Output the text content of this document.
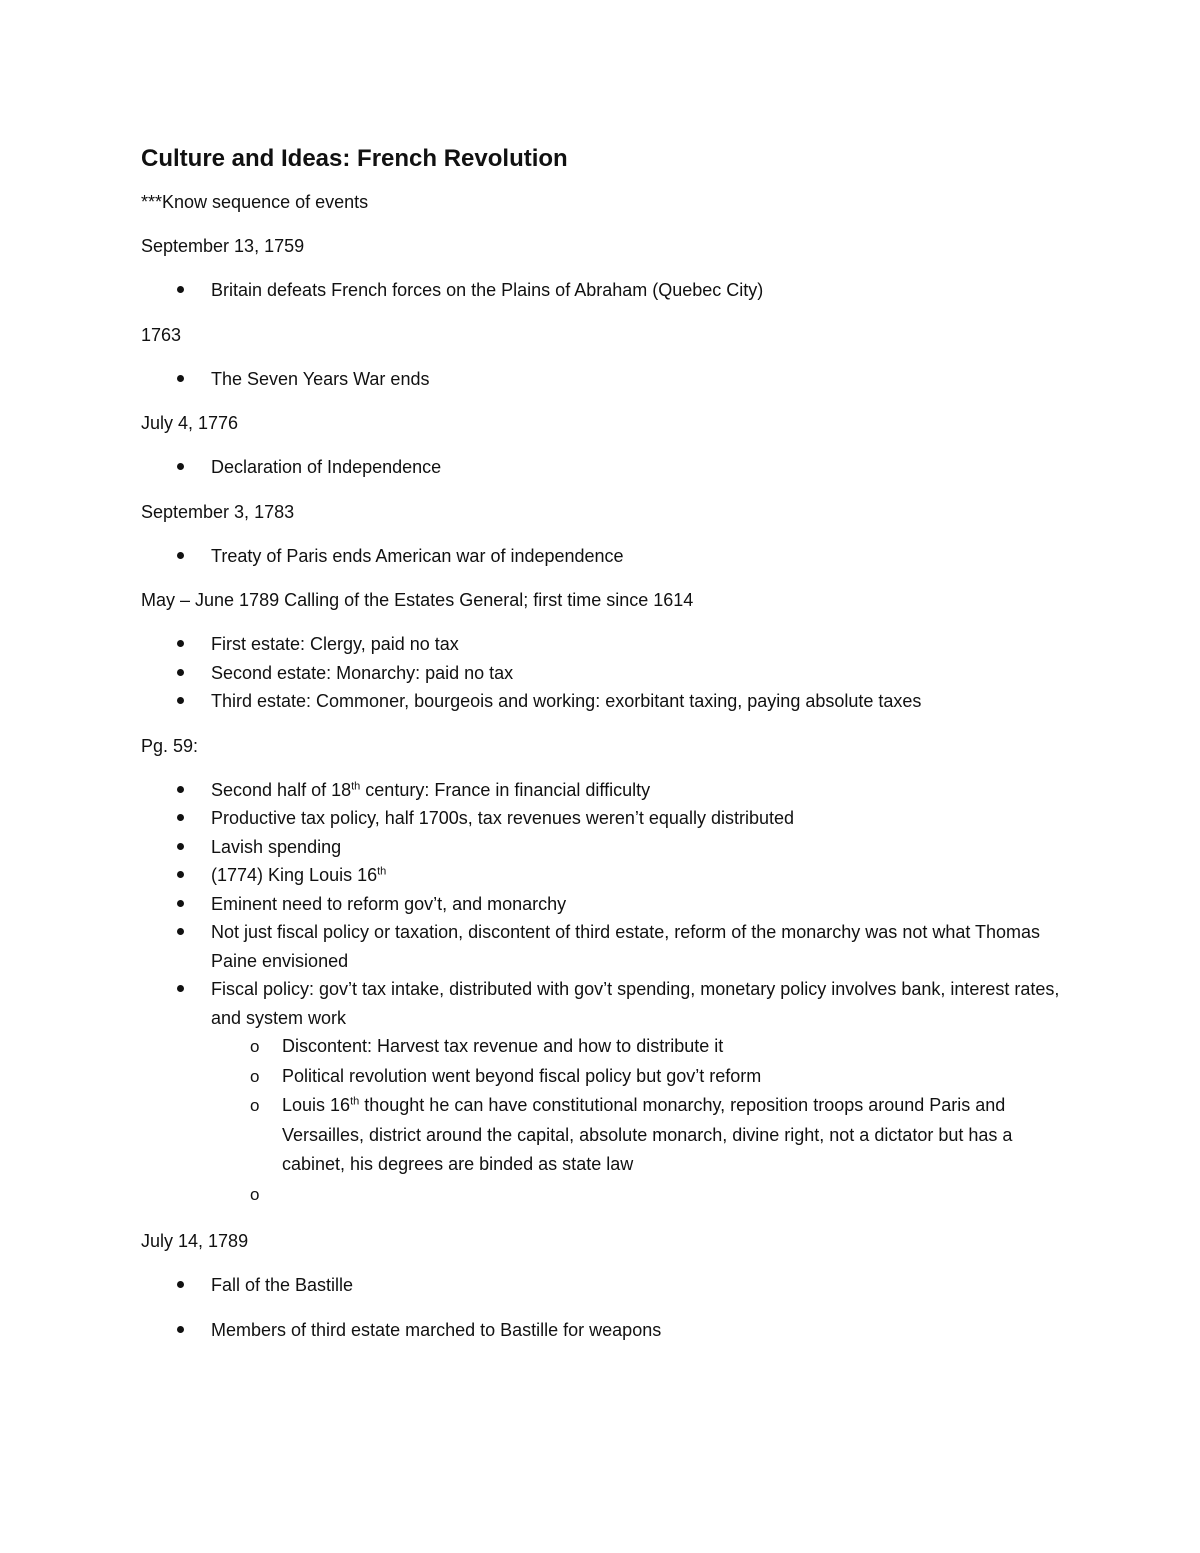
Culture and Ideas: French Revolution
***Know sequence of events
September 13, 1759
Britain defeats French forces on the Plains of Abraham (Quebec City)
1763
The Seven Years War ends
July 4, 1776
Declaration of Independence
September 3, 1783
Treaty of Paris ends American war of independence
May – June 1789 Calling of the Estates General; first time since 1614
First estate: Clergy, paid no tax
Second estate: Monarchy: paid no tax
Third estate: Commoner, bourgeois and working: exorbitant taxing, paying absolute taxes
Pg. 59:
Second half of 18th century: France in financial difficulty
Productive tax policy, half 1700s, tax revenues weren’t equally distributed
Lavish spending
(1774) King Louis 16th
Eminent need to reform gov’t, and monarchy
Not just fiscal policy or taxation, discontent of third estate, reform of the monarchy was not what Thomas Paine envisioned
Fiscal policy: gov’t tax intake, distributed with gov’t spending, monetary policy involves bank, interest rates, and system work
o Discontent: Harvest tax revenue and how to distribute it
o Political revolution went beyond fiscal policy but gov’t reform
o Louis 16th thought he can have constitutional monarchy, reposition troops around Paris and Versailles, district around the capital, absolute monarch, divine right, not a dictator but has a cabinet, his degrees are binded as state law
o
July 14, 1789
Fall of the Bastille
Members of third estate marched to Bastille for weapons
